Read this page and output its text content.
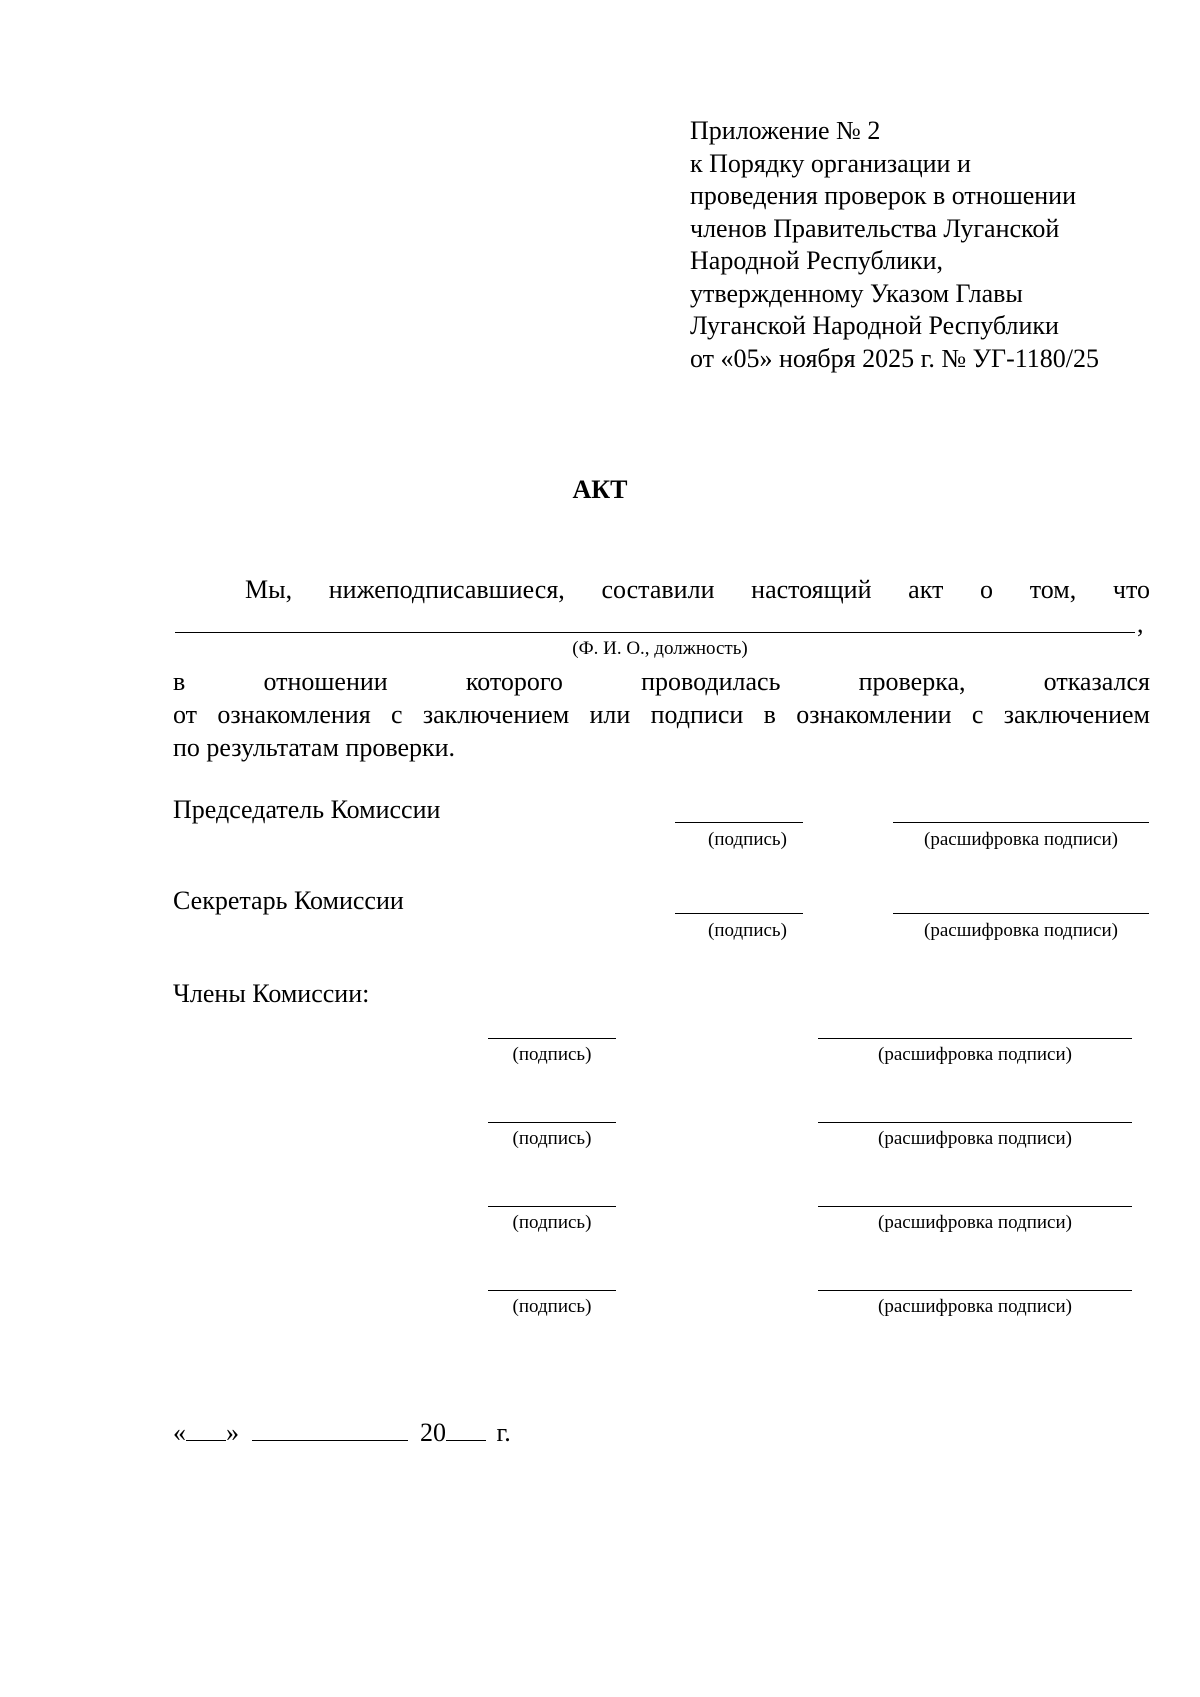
Приложение № 2
к Порядку организации и
проведения проверок в отношении
членов Правительства Луганской
Народной Республики,
утвержденному Указом Главы
Луганской Народной Республики
от «05» ноября 2025 г. № УГ-1180/25
АКТ
Мы, нижеподписавшиеся, составили настоящий акт о том, что
,
(Ф. И. О., должность)
в отношении которого проводилась проверка, отказался
от ознакомления с заключением или подписи в ознакомлении с заключением
по результатам проверки.
Председатель Комиссии
(подпись)	(расшифровка подписи)
Секретарь Комиссии
(подпись)	(расшифровка подписи)
Члены Комиссии:
(подпись)	(расшифровка подписи)
(подпись)	(расшифровка подписи)
(подпись)	(расшифровка подписи)
(подпись)	(расшифровка подписи)
« »	20 г.
